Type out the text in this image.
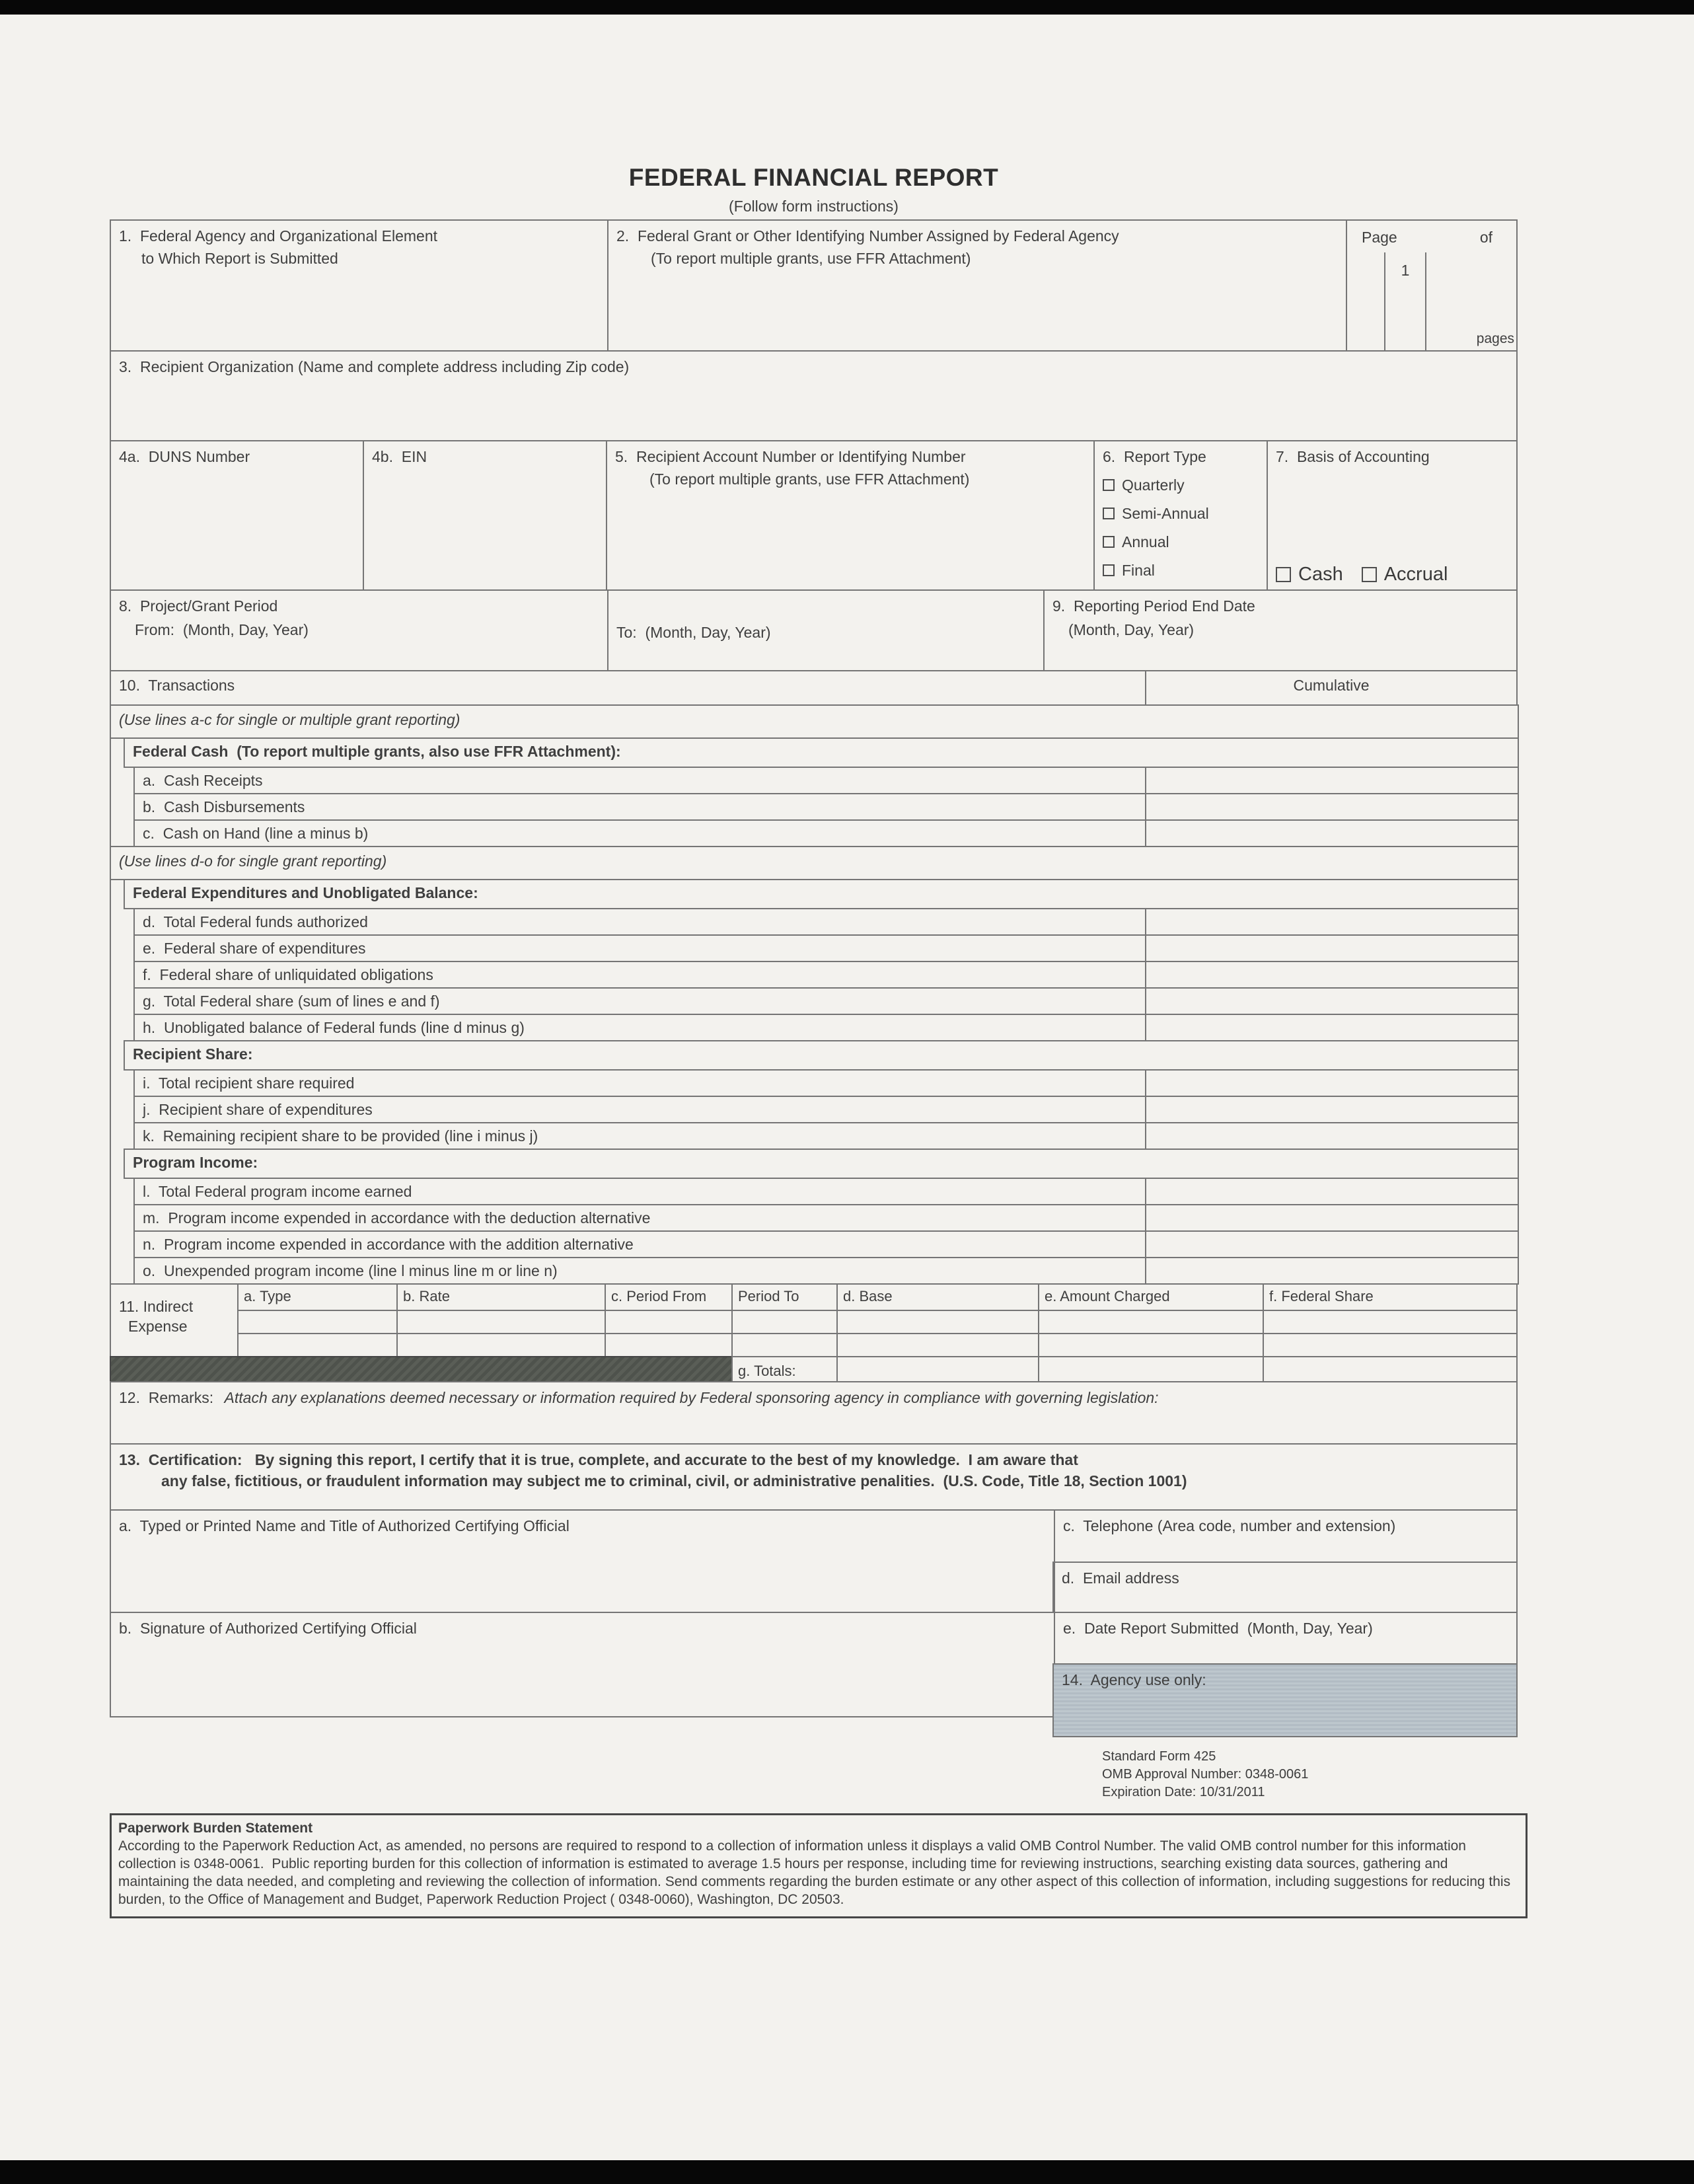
FEDERAL FINANCIAL REPORT
(Follow form instructions)
1.  Federal Agency and Organizational Element
to Which Report is Submitted
2.  Federal Grant or Other Identifying Number Assigned by Federal Agency
(To report multiple grants, use FFR Attachment)
Page	of
1
pages
3.  Recipient Organization (Name and complete address including Zip code)
4a.  DUNS Number	4b.  EIN	5.  Recipient Account Number or Identifying Number
(To report multiple grants, use FFR Attachment)
6.  Report Type
Quarterly
Semi-Annual
Annual
Final
7.  Basis of Accounting
Cash Accrual
8.  Project/Grant Period
From:  (Month, Day, Year)	To:  (Month, Day, Year)
9.  Reporting Period End Date
(Month, Day, Year)
10.  Transactions	Cumulative
(Use lines a-c for single or multiple grant reporting)
Federal Cash  (To report multiple grants, also use FFR Attachment):
a.  Cash Receipts
b.  Cash Disbursements
c.  Cash on Hand (line a minus b)
(Use lines d-o for single grant reporting)
Federal Expenditures and Unobligated Balance:
d.  Total Federal funds authorized
e.  Federal share of expenditures
f.  Federal share of unliquidated obligations
g.  Total Federal share (sum of lines e and f)
h.  Unobligated balance of Federal funds (line d minus g)
Recipient Share:
i.  Total recipient share required
j.  Recipient share of expenditures
k.  Remaining recipient share to be provided (line i minus j)
Program Income:
l.  Total Federal program income earned
m.  Program income expended in accordance with the deduction alternative
n.  Program income expended in accordance with the addition alternative
o.  Unexpended program income (line l minus line m or line n)
11. Indirect
Expense
a. Type	b. Rate	c. Period From	Period To	d. Base	e. Amount Charged	f. Federal Share
g. Totals:
12.  Remarks: Attach any explanations deemed necessary or information required by Federal sponsoring agency in compliance with governing legislation:
13.  Certification:   By signing this report, I certify that it is true, complete, and accurate to the best of my knowledge.  I am aware that
any false, fictitious, or fraudulent information may subject me to criminal, civil, or administrative penalities.  (U.S. Code, Title 18, Section 1001)
a.  Typed or Printed Name and Title of Authorized Certifying Official	c.  Telephone (Area code, number and extension)
d.  Email address
b.  Signature of Authorized Certifying Official	e.  Date Report Submitted  (Month, Day, Year)
14.  Agency use only:
Standard Form 425
OMB Approval Number: 0348-0061
Expiration Date: 10/31/2011
Paperwork Burden Statement
According to the Paperwork Reduction Act, as amended, no persons are required to respond to a collection of information unless it displays a valid OMB Control Number. The valid OMB control number for this information collection is 0348-0061.  Public reporting burden for this collection of information is estimated to average 1.5 hours per response, including time for reviewing instructions, searching existing data sources, gathering and maintaining the data needed, and completing and reviewing the collection of information. Send comments regarding the burden estimate or any other aspect of this collection of information, including suggestions for reducing this burden, to the Office of Management and Budget, Paperwork Reduction Project ( 0348-0060), Washington, DC 20503.
